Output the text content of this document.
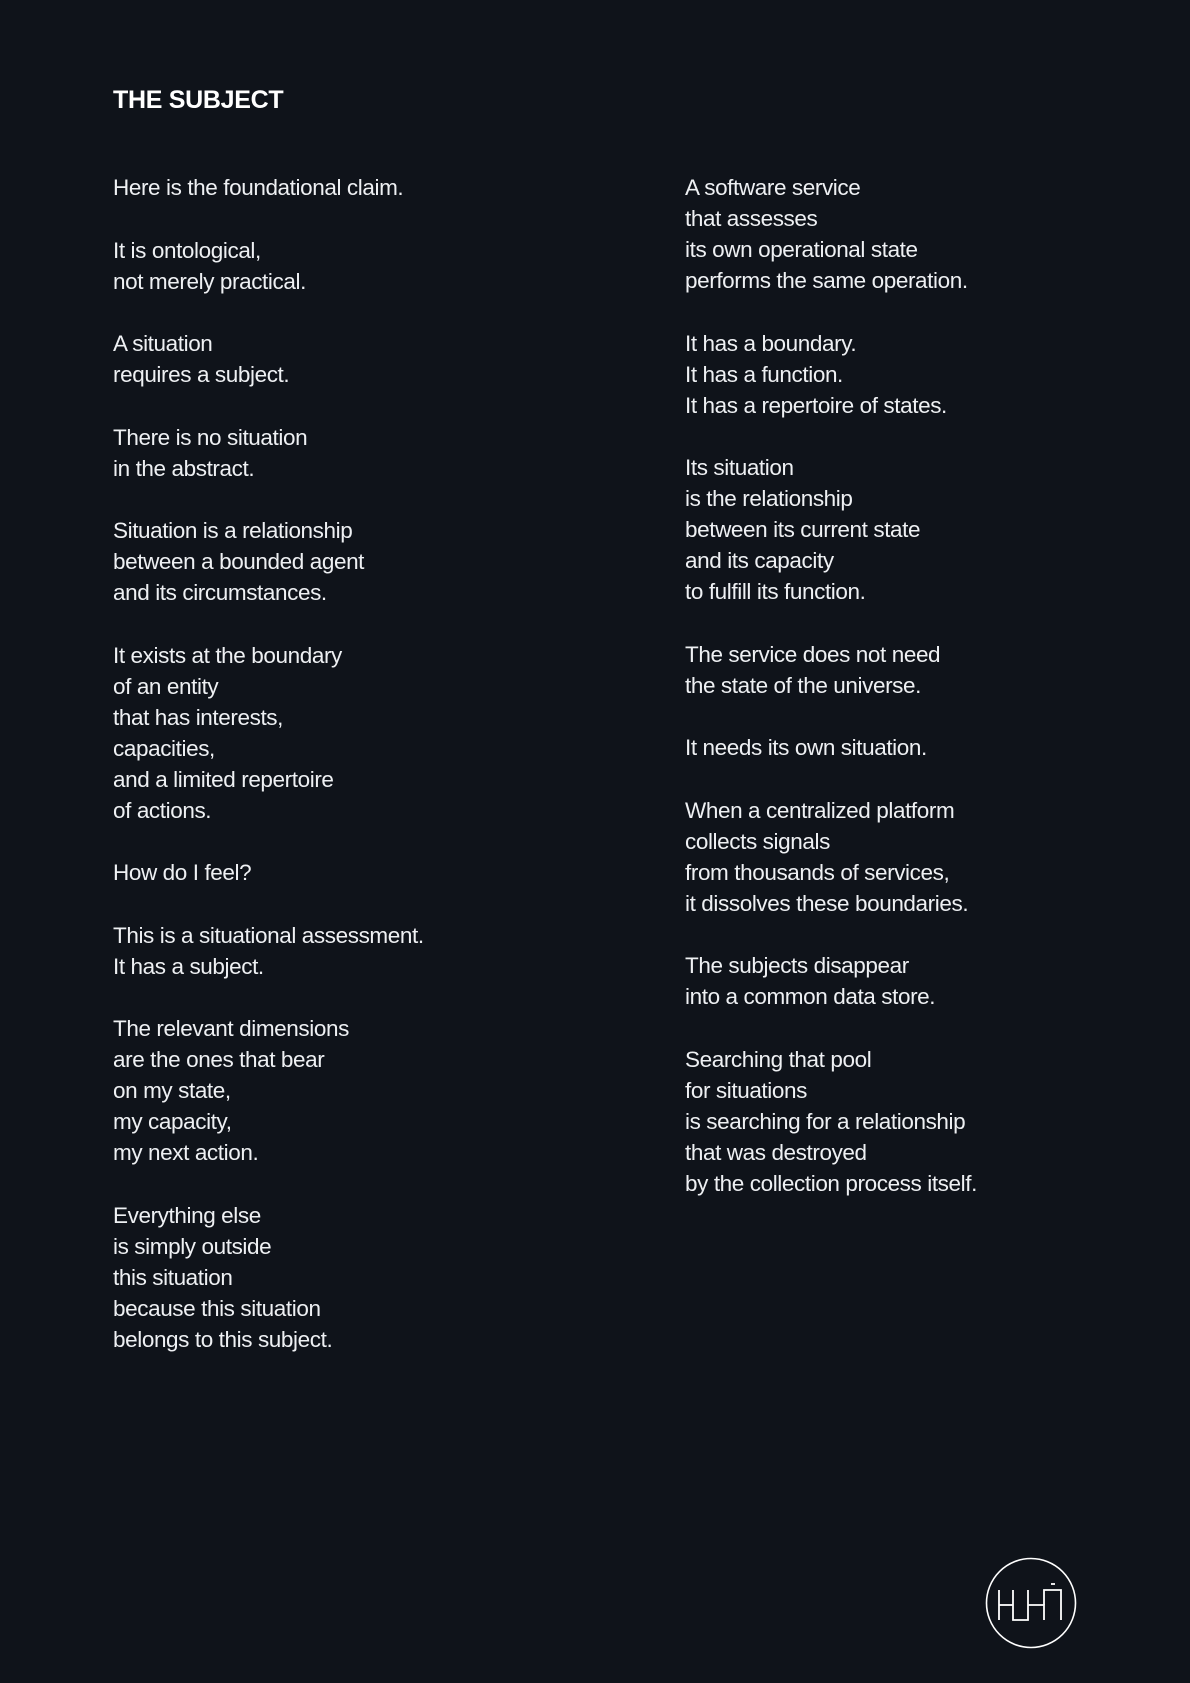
THE SUBJECT

Here is the foundational claim.

It is ontological,
not merely practical.

A situation
requires a subject.

There is no situation
in the abstract.

Situation is a relationship
between a bounded agent
and its circumstances.

It exists at the boundary
of an entity
that has interests,
capacities,
and a limited repertoire
of actions.

How do I feel?

This is a situational assessment.
It has a subject.

The relevant dimensions
are the ones that bear
on my state,
my capacity,
my next action.

Everything else
is simply outside
this situation
because this situation
belongs to this subject.

A software service
that assesses
its own operational state
performs the same operation.

It has a boundary.
It has a function.
It has a repertoire of states.

Its situation
is the relationship
between its current state
and its capacity
to fulfill its function.

The service does not need
the state of the universe.

It needs its own situation.

When a centralized platform
collects signals
from thousands of services,
it dissolves these boundaries.

The subjects disappear
into a common data store.

Searching that pool
for situations
is searching for a relationship
that was destroyed
by the collection process itself.
